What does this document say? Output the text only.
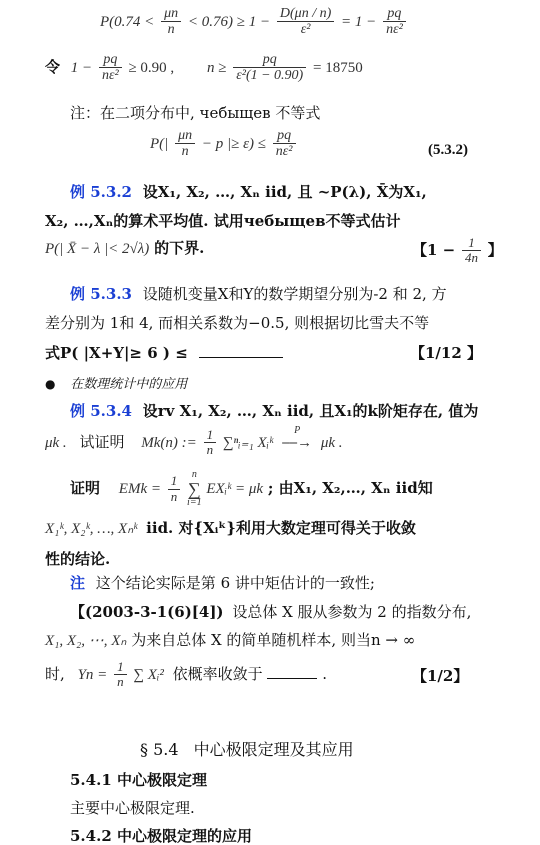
$P(0.74 < \frac{\mu n}{n} < 0.76) \ge 1 - \frac{D(\mu n / n)}{\text{ε²}} = 1 - \frac{pq}{\text{nε²}}$
令 $1 - \frac{pq}{\text{nε²}} \ge 0.90$ , $n \ge \frac{pq}{\text{ε²(1 − 0.90)}} = 18750$
注：在二项分布中, чебыщев 不等式
$P(| \frac{\mu n}{n} - p$ |≥ $\varepsilon) \le \frac{pq}{\text{nε²}}$	(5.3.2)
例 5.3.2 设X₁, X₂, …, Xₙ iid, 且 ~P(λ), X̄为X₁,
X₂, …,Xₙ的算术平均值. 试用чебыщев不等式估计
P(| X̄ − λ |< 2√λ) 的下界.	【$1 - \frac{1}{4n}$ 】
例 5.3.3 设随机变量X和Y的数学期望分别为-2 和 2, 方
差分别为 1和 4, 而相关系数为−0.5, 则根据切比雪夫不等
式P( |X+Y|≥ 6 ) ≤	【1/12 】
● 在数理统计中的应用
例 5.3.4 设rv X₁, X₂, …, Xₙ iid, 且X₁的k阶矩存在, 值为
μk . 试证明 Mk(n) := $\frac{1}{n}$ ∑ⁿᵢ₌₁ Xᵢᵏ
P
⎯⎯→ μk .
证明 EMk = $\frac{1}{n}$
	n
∑
i=1
EXᵢᵏ = μk ; 由X₁, X₂,…, Xₙ iid知
X₁ᵏ, X₂ᵏ, …, Xₙᵏ iid. 对{Xᵢᵏ}利用大数定理可得关于收敛
性的结论.
注 这个结论实际是第 6 讲中矩估计的一致性;
【(2003-3-1(6)[4]) 设总体 X 服从参数为 2 的指数分布,
X₁, X₂, ⋯, Xₙ 为来自总体 X 的简单随机样本, 则当n → ∞
时, $Yn = \frac{1}{n}$ ∑ Xᵢ² 依概率收敛于	.	【1/2】
§ 5.4 中心极限定理及其应用
5.4.1 中心极限定理
主要中心极限定理.
5.4.2 中心极限定理的应用
